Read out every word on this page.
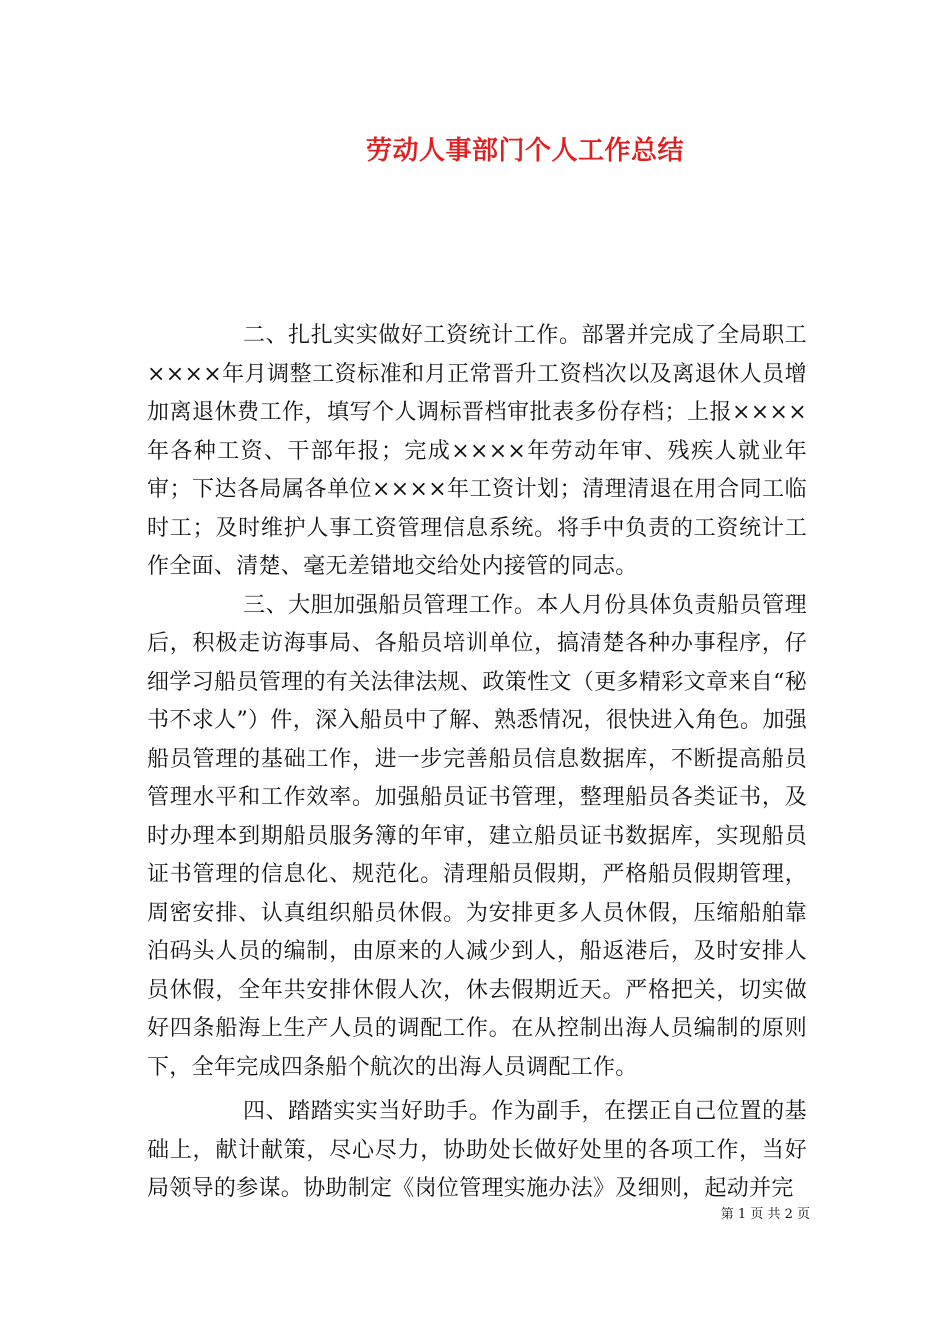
劳动人事部门个人工作总结

二、扎扎实实做好工资统计工作。部署并完成了全局职工××××年月调整工资标准和月正常晋升工资档次以及离退休人员增加离退休费工作，填写个人调标晋档审批表多份存档；上报××××年各种工资、干部年报；完成××××年劳动年审、残疾人就业年审；下达各局属各单位××××年工资计划；清理清退在用合同工临时工；及时维护人事工资管理信息系统。将手中负责的工资统计工作全面、清楚、毫无差错地交给处内接管的同志。

三、大胆加强船员管理工作。本人月份具体负责船员管理后，积极走访海事局、各船员培训单位，搞清楚各种办事程序，仔细学习船员管理的有关法律法规、政策性文（更多精彩文章来自“秘书不求人”）件，深入船员中了解、熟悉情况，很快进入角色。加强船员管理的基础工作，进一步完善船员信息数据库，不断提高船员管理水平和工作效率。加强船员证书管理，整理船员各类证书，及时办理本到期船员服务簿的年审，建立船员证书数据库，实现船员证书管理的信息化、规范化。清理船员假期，严格船员假期管理，周密安排、认真组织船员休假。为安排更多人员休假，压缩船舶靠泊码头人员的编制，由原来的人减少到人，船返港后，及时安排人员休假，全年共安排休假人次，休去假期近天。严格把关，切实做好四条船海上生产人员的调配工作。在从控制出海人员编制的原则下，全年完成四条船个航次的出海人员调配工作。

四、踏踏实实当好助手。作为副手，在摆正自己位置的基础上，献计献策，尽心尽力，协助处长做好处里的各项工作，当好局领导的参谋。协助制定《岗位管理实施办法》及细则，起动并完

第 1 页 共 2 页
